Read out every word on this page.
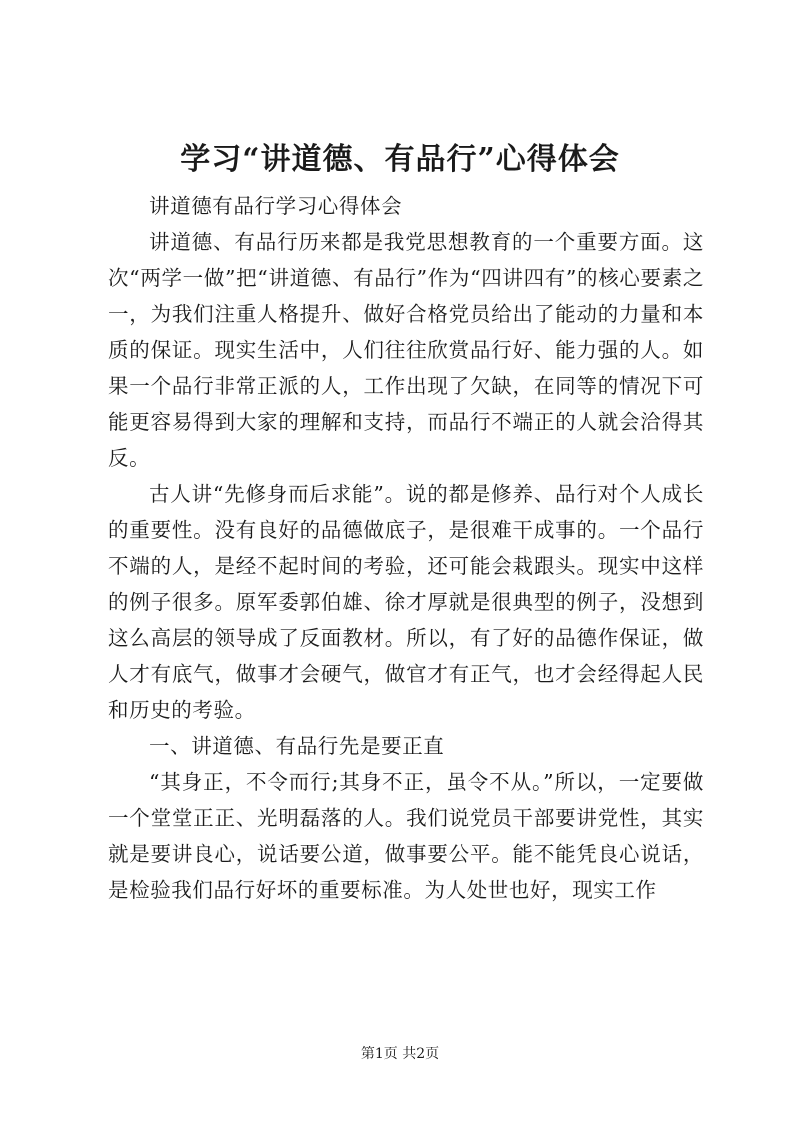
学习“讲道德、有品行”心得体会

讲道德有品行学习心得体会

讲道德、有品行历来都是我党思想教育的一个重要方面。这次“两学一做”把“讲道德、有品行”作为“四讲四有”的核心要素之一，为我们注重人格提升、做好合格党员给出了能动的力量和本质的保证。现实生活中，人们往往欣赏品行好、能力强的人。如果一个品行非常正派的人，工作出现了欠缺，在同等的情况下可能更容易得到大家的理解和支持，而品行不端正的人就会洽得其反。

古人讲“先修身而后求能”。说的都是修养、品行对个人成长的重要性。没有良好的品德做底子，是很难干成事的。一个品行不端的人，是经不起时间的考验，还可能会栽跟头。现实中这样的例子很多。原军委郭伯雄、徐才厚就是很典型的例子，没想到这么高层的领导成了反面教材。所以，有了好的品德作保证，做人才有底气，做事才会硬气，做官才有正气，也才会经得起人民和历史的考验。

一、讲道德、有品行先是要正直

“其身正，不令而行;其身不正，虽令不从。”所以，一定要做一个堂堂正正、光明磊落的人。我们说党员干部要讲党性，其实就是要讲良心，说话要公道，做事要公平。能不能凭良心说话，是检验我们品行好坏的重要标准。为人处世也好，现实工作

第1页 共2页
